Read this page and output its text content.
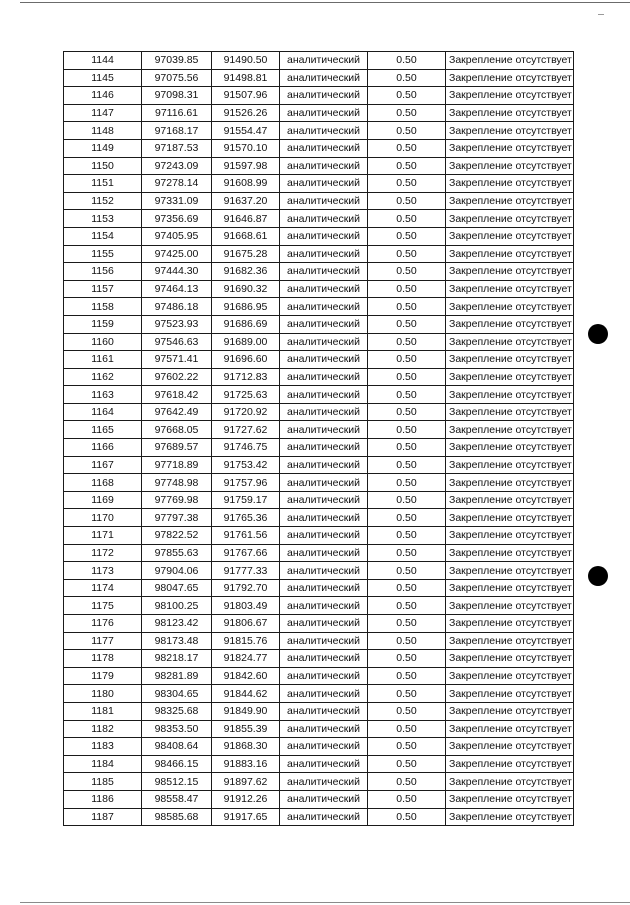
1144	97039.85	91490.50	аналитический	0.50	Закрепление отсутствует
1145	97075.56	91498.81	аналитический	0.50	Закрепление отсутствует
1146	97098.31	91507.96	аналитический	0.50	Закрепление отсутствует
1147	97116.61	91526.26	аналитический	0.50	Закрепление отсутствует
1148	97168.17	91554.47	аналитический	0.50	Закрепление отсутствует
1149	97187.53	91570.10	аналитический	0.50	Закрепление отсутствует
1150	97243.09	91597.98	аналитический	0.50	Закрепление отсутствует
1151	97278.14	91608.99	аналитический	0.50	Закрепление отсутствует
1152	97331.09	91637.20	аналитический	0.50	Закрепление отсутствует
1153	97356.69	91646.87	аналитический	0.50	Закрепление отсутствует
1154	97405.95	91668.61	аналитический	0.50	Закрепление отсутствует
1155	97425.00	91675.28	аналитический	0.50	Закрепление отсутствует
1156	97444.30	91682.36	аналитический	0.50	Закрепление отсутствует
1157	97464.13	91690.32	аналитический	0.50	Закрепление отсутствует
1158	97486.18	91686.95	аналитический	0.50	Закрепление отсутствует
1159	97523.93	91686.69	аналитический	0.50	Закрепление отсутствует
1160	97546.63	91689.00	аналитический	0.50	Закрепление отсутствует
1161	97571.41	91696.60	аналитический	0.50	Закрепление отсутствует
1162	97602.22	91712.83	аналитический	0.50	Закрепление отсутствует
1163	97618.42	91725.63	аналитический	0.50	Закрепление отсутствует
1164	97642.49	91720.92	аналитический	0.50	Закрепление отсутствует
1165	97668.05	91727.62	аналитический	0.50	Закрепление отсутствует
1166	97689.57	91746.75	аналитический	0.50	Закрепление отсутствует
1167	97718.89	91753.42	аналитический	0.50	Закрепление отсутствует
1168	97748.98	91757.96	аналитический	0.50	Закрепление отсутствует
1169	97769.98	91759.17	аналитический	0.50	Закрепление отсутствует
1170	97797.38	91765.36	аналитический	0.50	Закрепление отсутствует
1171	97822.52	91761.56	аналитический	0.50	Закрепление отсутствует
1172	97855.63	91767.66	аналитический	0.50	Закрепление отсутствует
1173	97904.06	91777.33	аналитический	0.50	Закрепление отсутствует
1174	98047.65	91792.70	аналитический	0.50	Закрепление отсутствует
1175	98100.25	91803.49	аналитический	0.50	Закрепление отсутствует
1176	98123.42	91806.67	аналитический	0.50	Закрепление отсутствует
1177	98173.48	91815.76	аналитический	0.50	Закрепление отсутствует
1178	98218.17	91824.77	аналитический	0.50	Закрепление отсутствует
1179	98281.89	91842.60	аналитический	0.50	Закрепление отсутствует
1180	98304.65	91844.62	аналитический	0.50	Закрепление отсутствует
1181	98325.68	91849.90	аналитический	0.50	Закрепление отсутствует
1182	98353.50	91855.39	аналитический	0.50	Закрепление отсутствует
1183	98408.64	91868.30	аналитический	0.50	Закрепление отсутствует
1184	98466.15	91883.16	аналитический	0.50	Закрепление отсутствует
1185	98512.15	91897.62	аналитический	0.50	Закрепление отсутствует
1186	98558.47	91912.26	аналитический	0.50	Закрепление отсутствует
1187	98585.68	91917.65	аналитический	0.50	Закрепление отсутствует
